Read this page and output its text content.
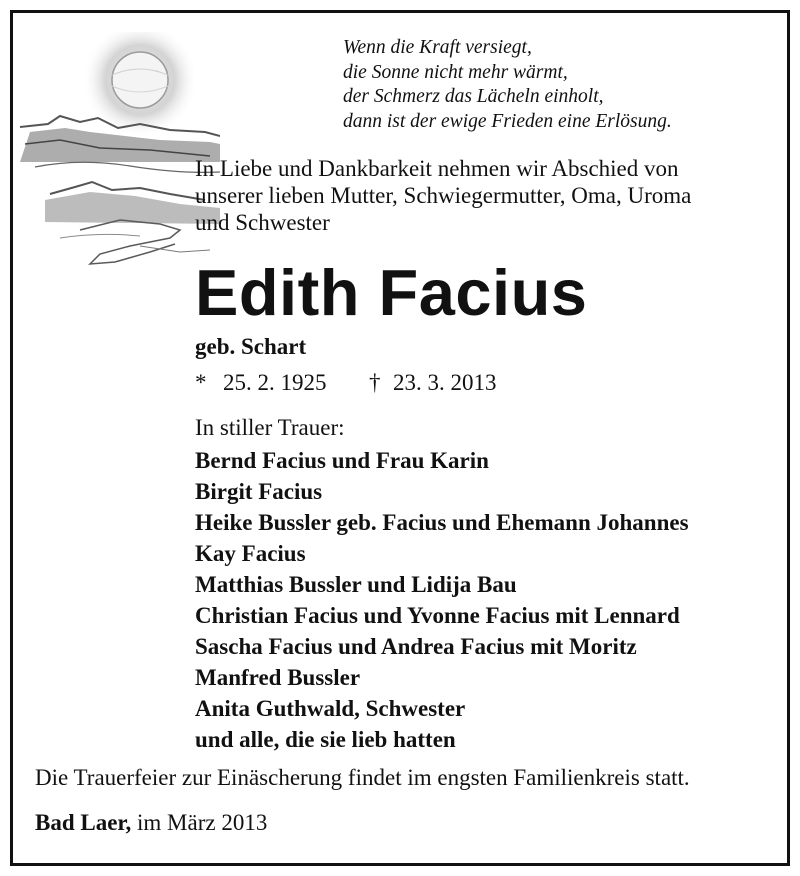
Wenn die Kraft versiegt,
die Sonne nicht mehr wärmt,
der Schmerz das Lächeln einholt,
dann ist der ewige Frieden eine Erlösung.
In Liebe und Dankbarkeit nehmen wir Abschied von
unserer lieben Mutter, Schwiegermutter, Oma, Uroma
und Schwester
Edith Facius
geb. Schart
* 25. 2. 1925 † 23. 3. 2013
In stiller Trauer:
Bernd Facius und Frau Karin
Birgit Facius
Heike Bussler geb. Facius und Ehemann Johannes
Kay Facius
Matthias Bussler und Lidija Bau
Christian Facius und Yvonne Facius mit Lennard
Sascha Facius und Andrea Facius mit Moritz
Manfred Bussler
Anita Guthwald, Schwester
und alle, die sie lieb hatten
Die Trauerfeier zur Einäscherung findet im engsten Familienkreis statt.
Bad Laer, im März 2013
